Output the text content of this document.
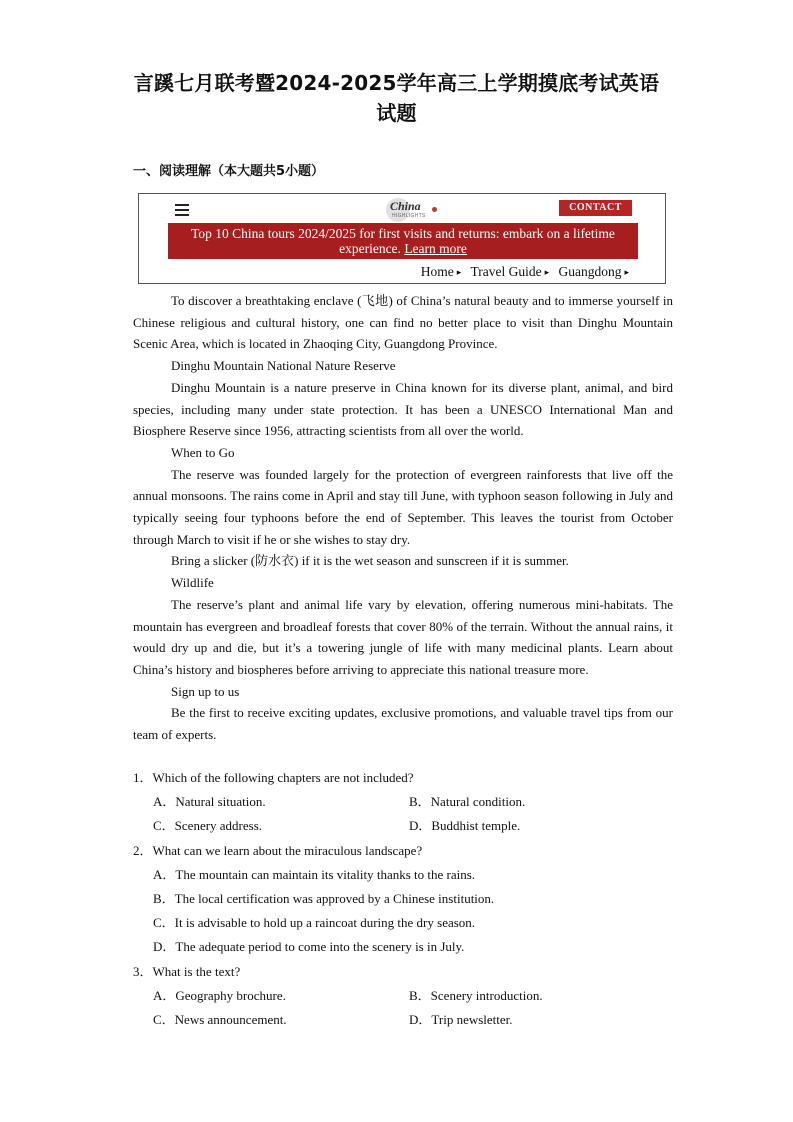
言蹊七月联考暨2024-2025学年高三上学期摸底考试英语
试题
一、阅读理解（本大题共5小题）
China
HIGHLIGHTS
CONTACT
Top 10 China tours 2024/2025 for first visits and returns: embark on a lifetime experience. Learn more
Home ▸ Travel Guide ▸ Guangdong ▸

To discover a breathtaking enclave (飞地) of China’s natural beauty and to immerse yourself in Chinese religious and cultural history, one can find no better place to visit than Dinghu Mountain Scenic Area, which is located in Zhaoqing City, Guangdong Province.

Dinghu Mountain National Nature Reserve

Dinghu Mountain is a nature preserve in China known for its diverse plant, animal, and bird species, including many under state protection. It has been a UNESCO International Man and Biosphere Reserve since 1956, attracting scientists from all over the world.

When to Go

The reserve was founded largely for the protection of evergreen rainforests that live off the annual monsoons. The rains come in April and stay till June, with typhoon season following in July and typically seeing four typhoons before the end of September. This leaves the tourist from October through March to visit if he or she wishes to stay dry.

Bring a slicker (防水衣) if it is the wet season and sunscreen if it is summer.

Wildlife

The reserve’s plant and animal life vary by elevation, offering numerous mini-habitats. The mountain has evergreen and broadleaf forests that cover 80% of the terrain. Without the annual rains, it would dry up and die, but it’s a towering jungle of life with many medicinal plants. Learn about China’s history and biospheres before arriving to appreciate this national treasure more.

Sign up to us

Be the first to receive exciting updates, exclusive promotions, and valuable travel tips from our team of experts.

1．Which of the following chapters are not included?
A．Natural situation.	B．Natural condition.
C．Scenery address.	D．Buddhist temple.
2．What can we learn about the miraculous landscape?
A．The mountain can maintain its vitality thanks to the rains.
B．The local certification was approved by a Chinese institution.
C．It is advisable to hold up a raincoat during the dry season.
D．The adequate period to come into the scenery is in July.
3．What is the text?
A．Geography brochure.	B．Scenery introduction.
C．News announcement.	D．Trip newsletter.
